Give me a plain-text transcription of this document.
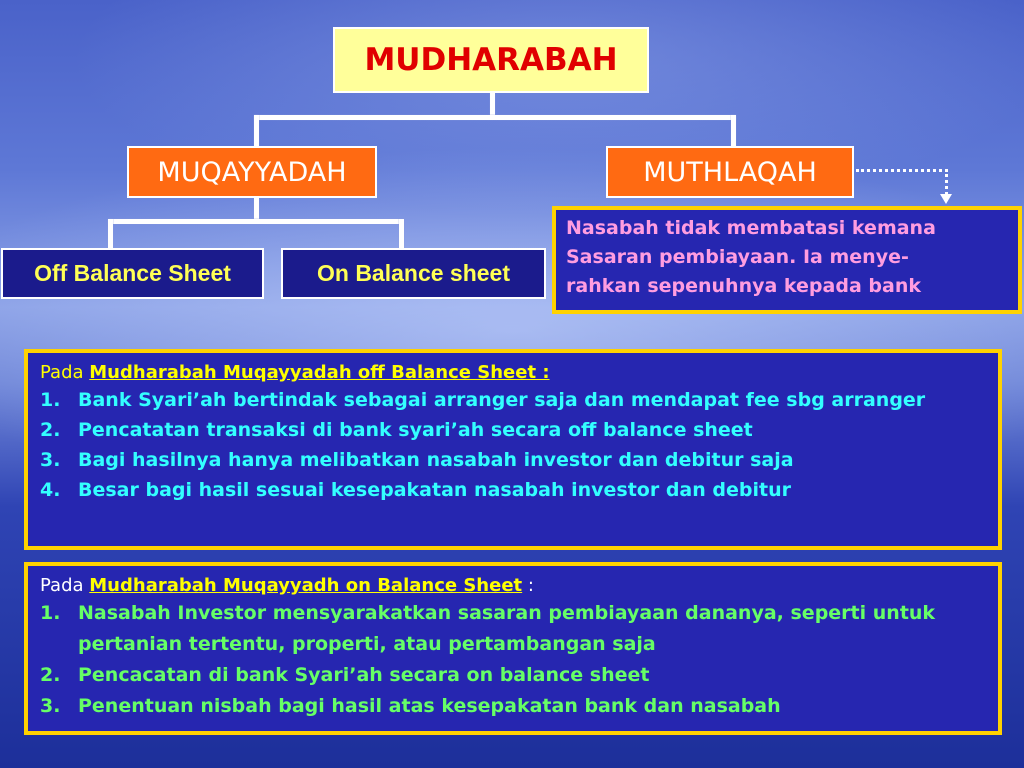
MUDHARABAH
MUQAYYADAH	MUTHLAQAH
Off Balance Sheet	On Balance sheet
Nasabah tidak membatasi kemana
Sasaran pembiayaan. Ia menye-
rahkan sepenuhnya kepada bank
Pada Mudharabah Muqayyadah off Balance Sheet :
1. Bank Syari’ah bertindak sebagai arranger saja dan mendapat fee sbg arranger
2. Pencatatan transaksi di bank syari’ah secara off balance sheet
3. Bagi hasilnya hanya melibatkan nasabah investor dan debitur saja
4. Besar bagi hasil sesuai kesepakatan nasabah investor dan debitur
Pada Mudharabah Muqayyadh on Balance Sheet :
1. Nasabah Investor mensyarakatkan sasaran pembiayaan dananya, seperti untuk pertanian tertentu, properti, atau pertambangan saja
2. Pencacatan di bank Syari’ah secara on balance sheet
3. Penentuan nisbah bagi hasil atas kesepakatan bank dan nasabah
